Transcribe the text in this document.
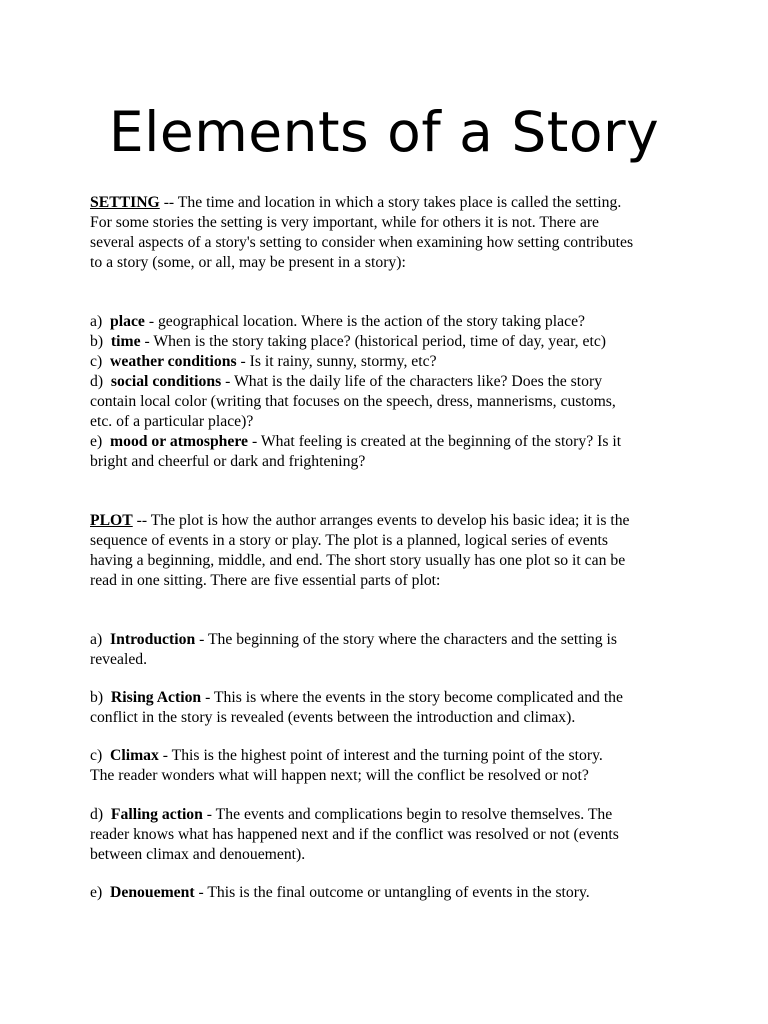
Elements of a Story
SETTING -- The time and location in which a story takes place is called the setting.
For some stories the setting is very important, while for others it is not. There are
several aspects of a story's setting to consider when examining how setting contributes
to a story (some, or all, may be present in a story):
a)  place - geographical location. Where is the action of the story taking place?
b)  time - When is the story taking place? (historical period, time of day, year, etc)
c)  weather conditions - Is it rainy, sunny, stormy, etc?
d)  social conditions - What is the daily life of the characters like? Does the story
contain local color (writing that focuses on the speech, dress, mannerisms, customs,
etc. of a particular place)?
e)  mood or atmosphere - What feeling is created at the beginning of the story? Is it
bright and cheerful or dark and frightening?
PLOT -- The plot is how the author arranges events to develop his basic idea; it is the
sequence of events in a story or play. The plot is a planned, logical series of events
having a beginning, middle, and end. The short story usually has one plot so it can be
read in one sitting. There are five essential parts of plot:
a)  Introduction - The beginning of the story where the characters and the setting is
revealed.
b)  Rising Action - This is where the events in the story become complicated and the
conflict in the story is revealed (events between the introduction and climax).
c)  Climax - This is the highest point of interest and the turning point of the story.
The reader wonders what will happen next; will the conflict be resolved or not?
d)  Falling action - The events and complications begin to resolve themselves. The
reader knows what has happened next and if the conflict was resolved or not (events
between climax and denouement).
e)  Denouement - This is the final outcome or untangling of events in the story.
